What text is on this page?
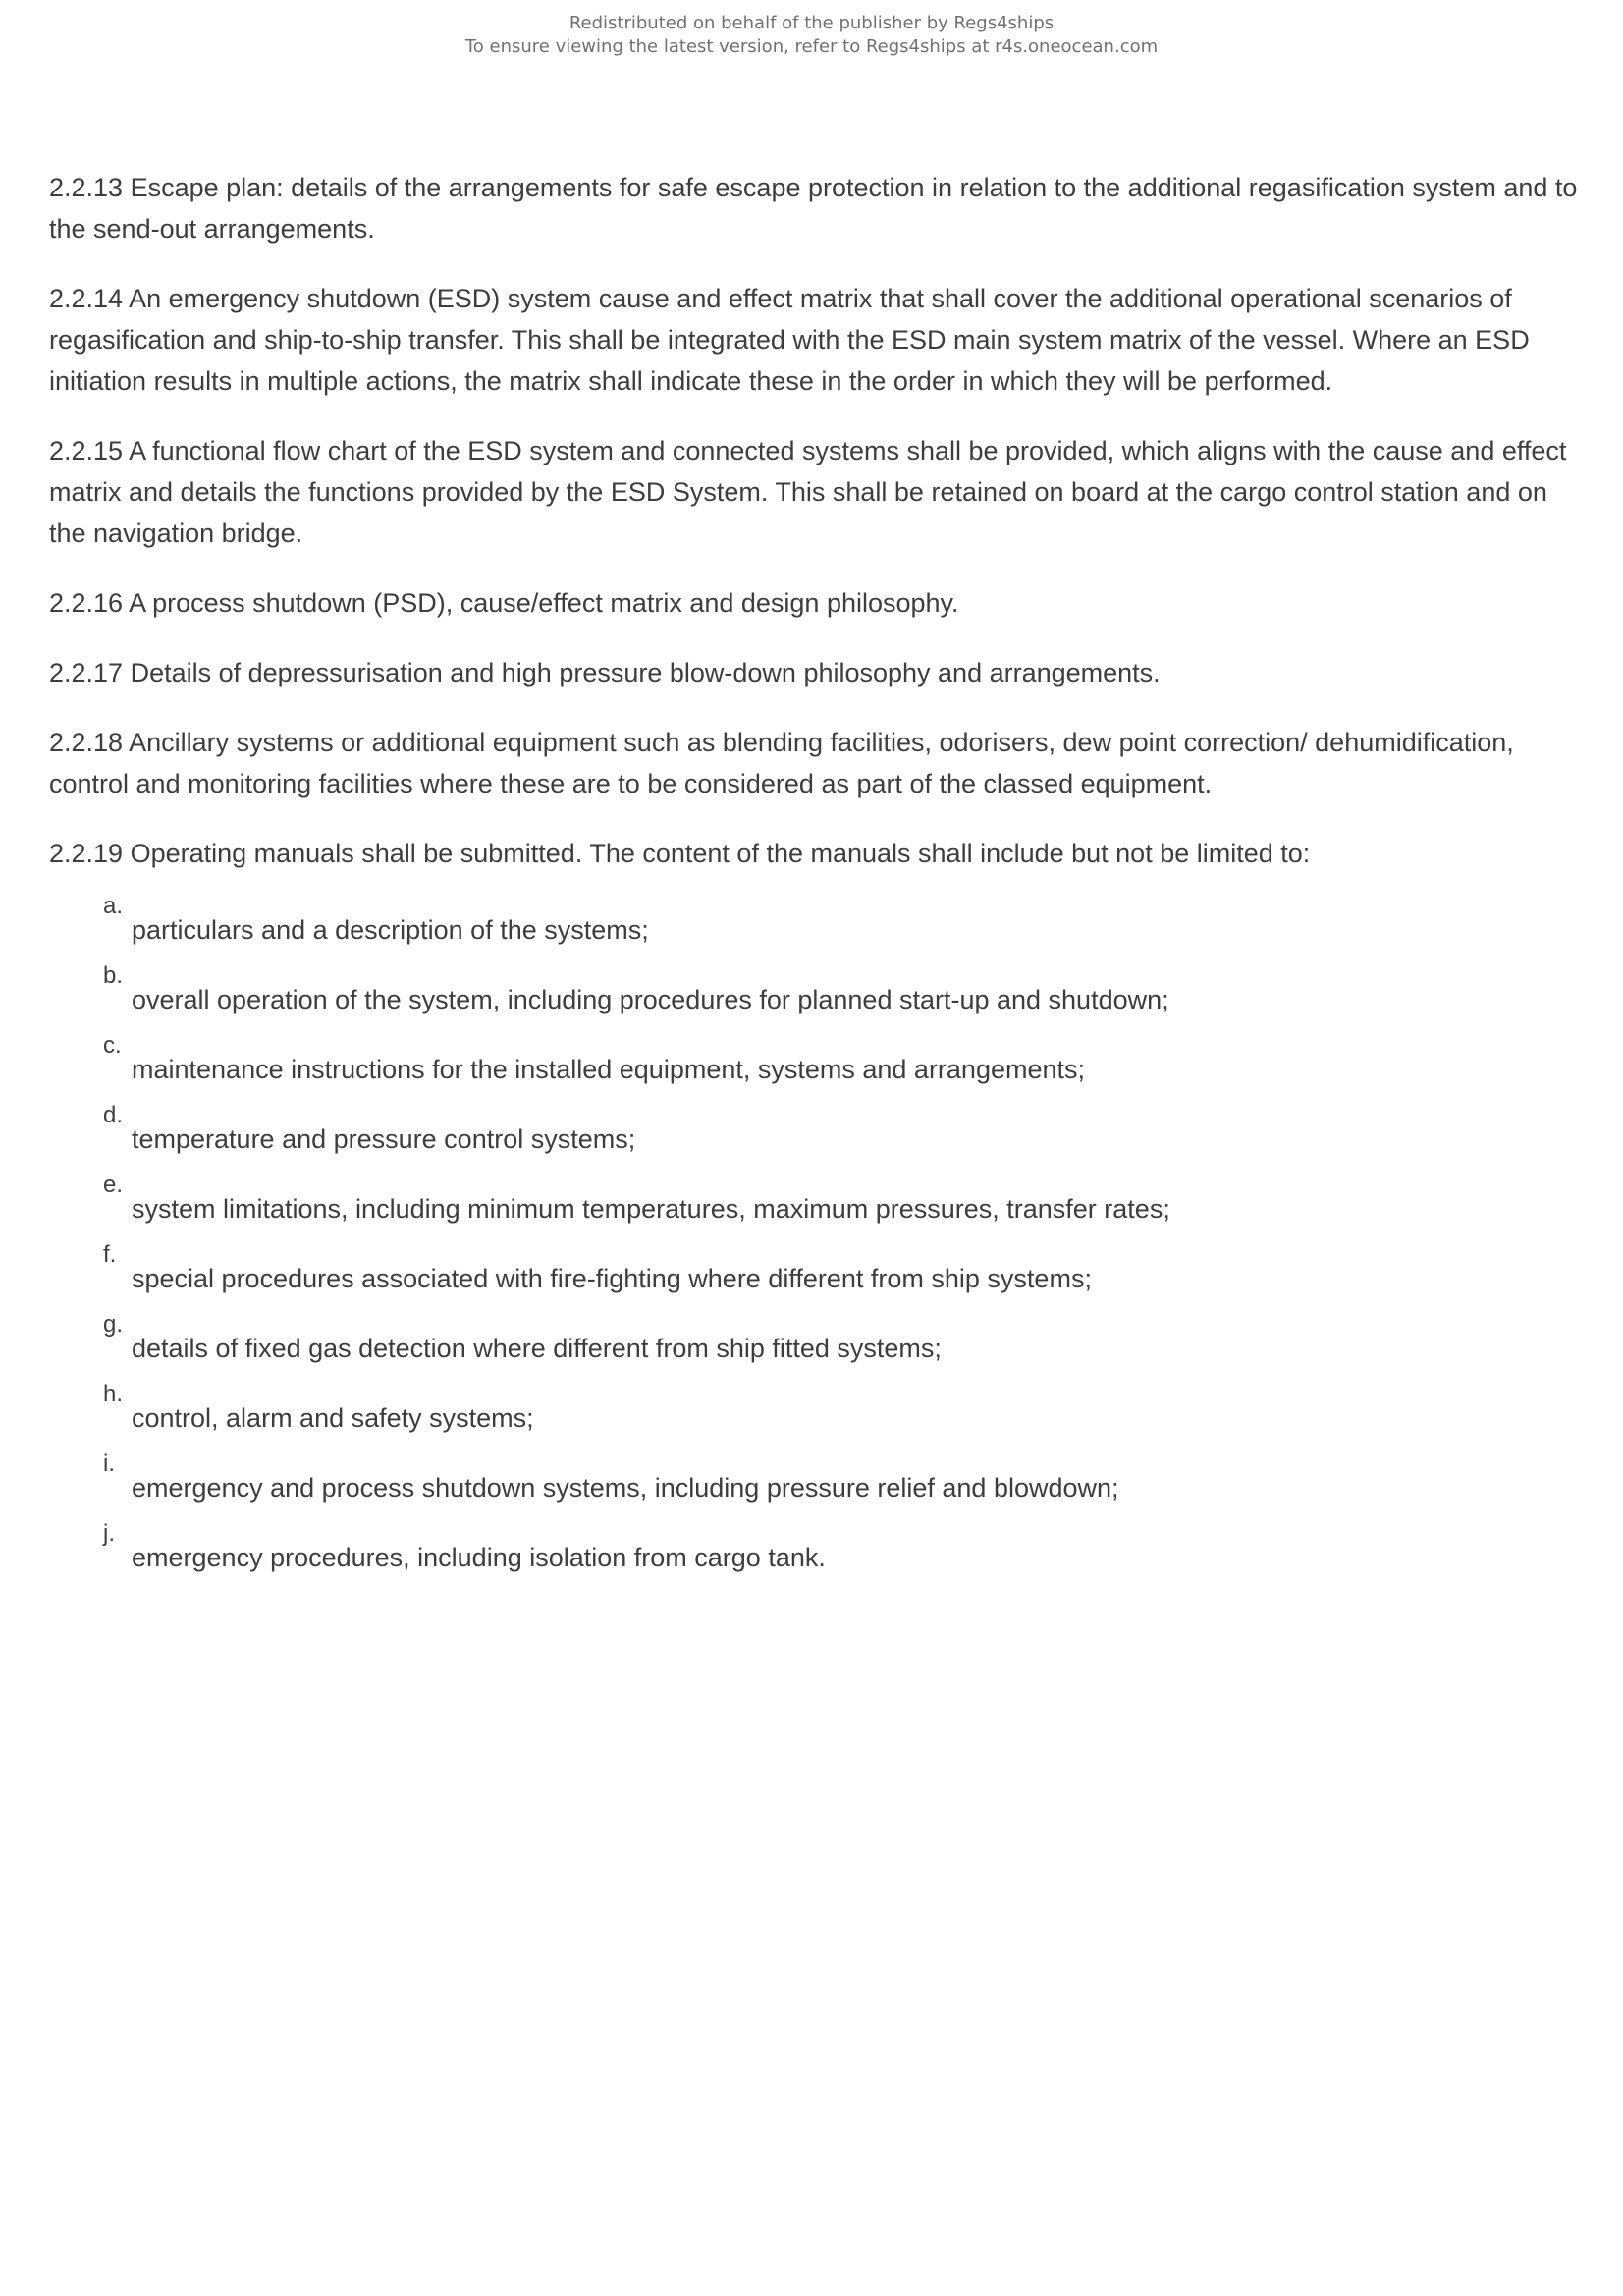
Redistributed on behalf of the publisher by Regs4ships
To ensure viewing the latest version, refer to Regs4ships at r4s.oneocean.com

2.2.13 Escape plan: details of the arrangements for safe escape protection in relation to the additional regasification system and to the send-out arrangements.

2.2.14 An emergency shutdown (ESD) system cause and effect matrix that shall cover the additional operational scenarios of regasification and ship-to-ship transfer. This shall be integrated with the ESD main system matrix of the vessel. Where an ESD initiation results in multiple actions, the matrix shall indicate these in the order in which they will be performed.

2.2.15 A functional flow chart of the ESD system and connected systems shall be provided, which aligns with the cause and effect matrix and details the functions provided by the ESD System. This shall be retained on board at the cargo control station and on the navigation bridge.

2.2.16 A process shutdown (PSD), cause/effect matrix and design philosophy.

2.2.17 Details of depressurisation and high pressure blow-down philosophy and arrangements.

2.2.18 Ancillary systems or additional equipment such as blending facilities, odorisers, dew point correction/ dehumidification, control and monitoring facilities where these are to be considered as part of the classed equipment.

2.2.19 Operating manuals shall be submitted. The content of the manuals shall include but not be limited to:

a.
particulars and a description of the systems;
b.
overall operation of the system, including procedures for planned start-up and shutdown;
c.
maintenance instructions for the installed equipment, systems and arrangements;
d.
temperature and pressure control systems;
e.
system limitations, including minimum temperatures, maximum pressures, transfer rates;
f.
special procedures associated with fire-fighting where different from ship systems;
g.
details of fixed gas detection where different from ship fitted systems;
h.
control, alarm and safety systems;
i.
emergency and process shutdown systems, including pressure relief and blowdown;
j.
emergency procedures, including isolation from cargo tank.
